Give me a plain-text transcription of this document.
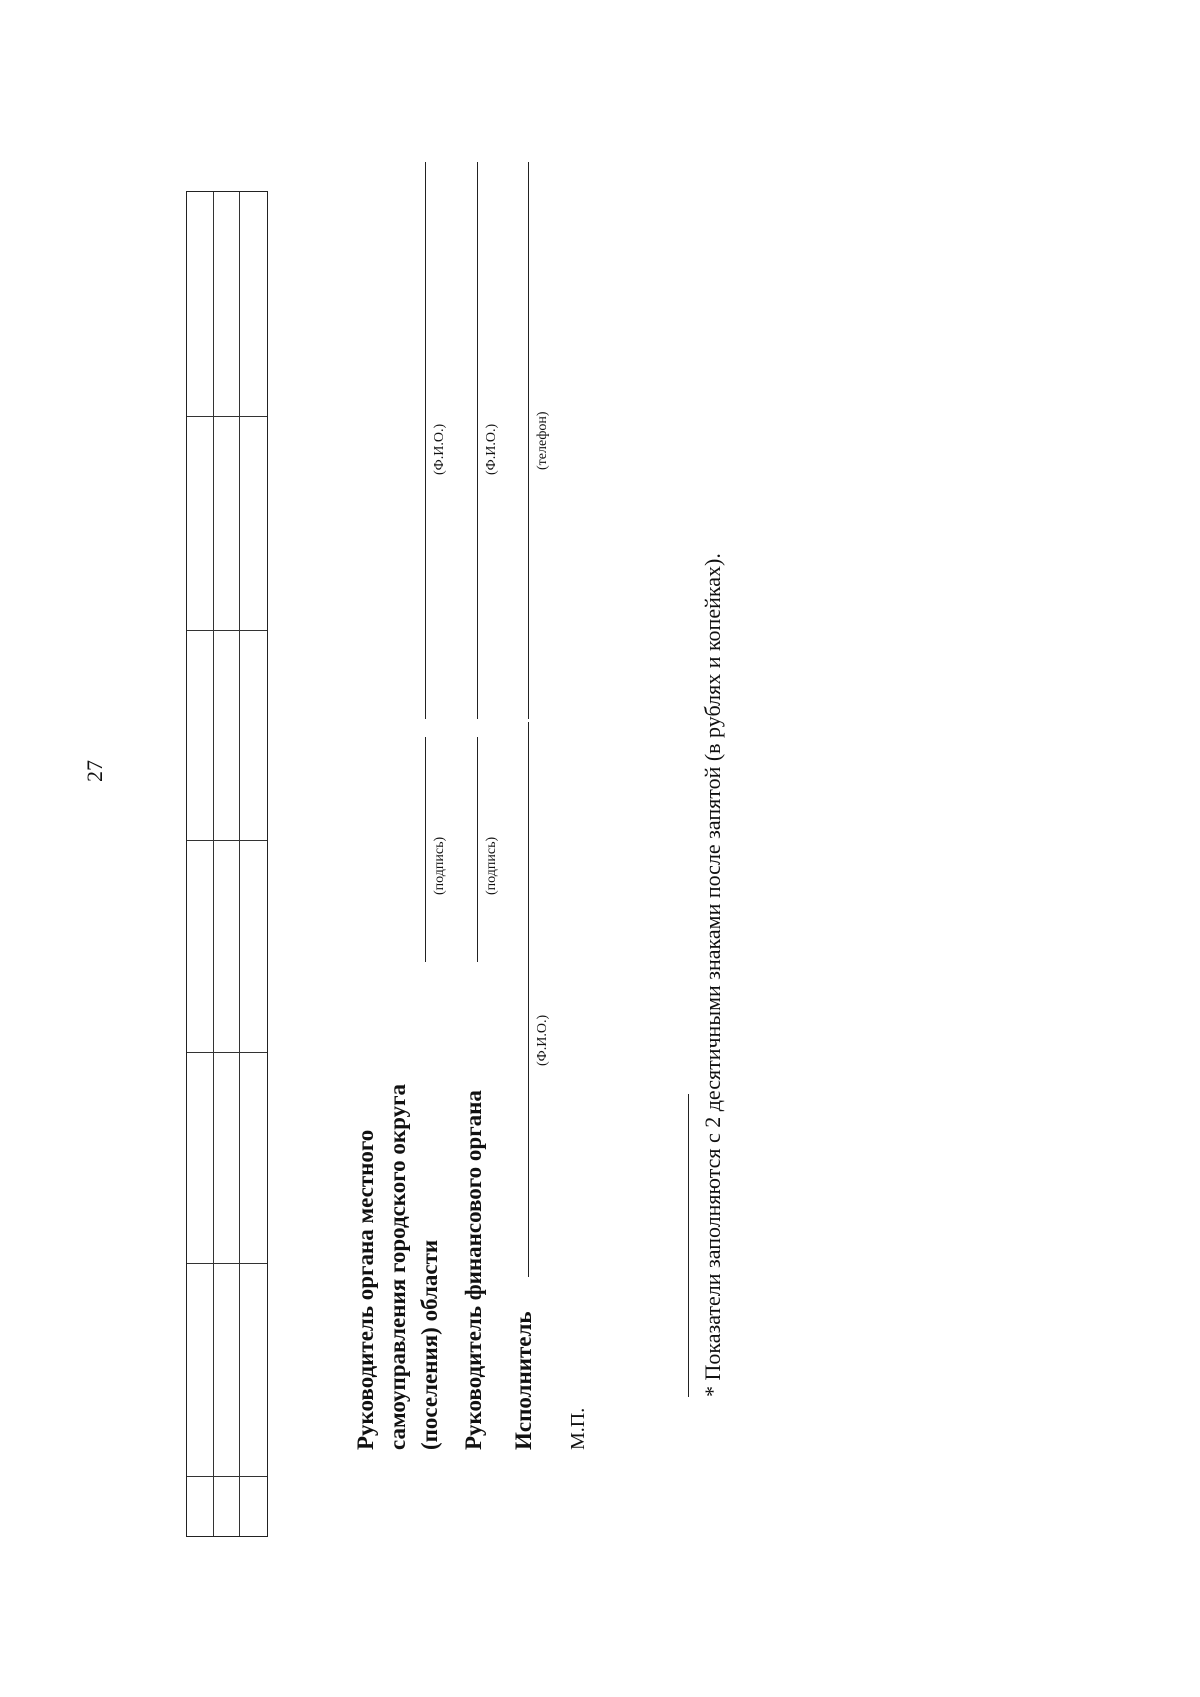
27
Руководитель органа местного самоуправления городского округа (поселения) области
(подпись)
(Ф.И.О.)
Руководитель финансового органа
(подпись)
(Ф.И.О.)
Исполнитель
(Ф.И.О.)
(телефон)
М.П.
* Показатели заполняются с 2 десятичными знаками после запятой (в рублях и копейках).
